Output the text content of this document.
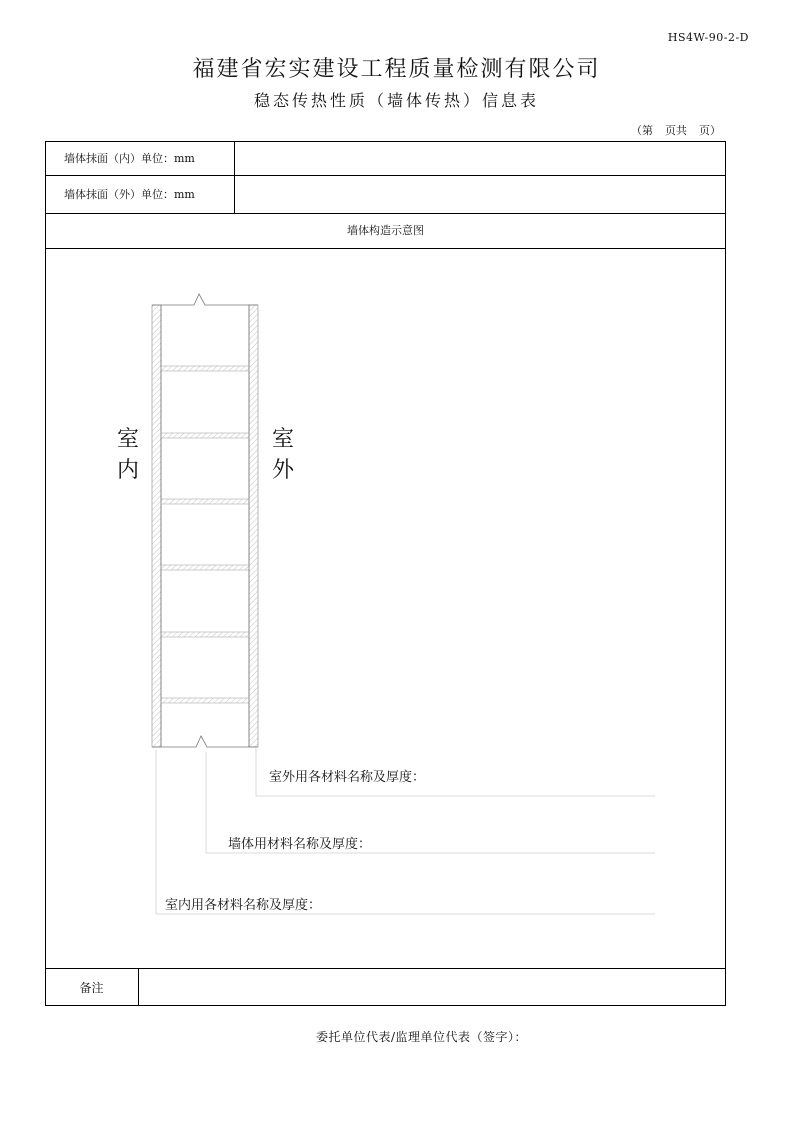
HS4W-90-2-D
福建省宏实建设工程质量检测有限公司
稳态传热性质（墙体传热）信息表
（第 页共 页）
墙体抹面（内）单位：mm
墙体抹面（外）单位：mm
墙体构造示意图
室
内
室
外
室外用各材料名称及厚度：
墙体用材料名称及厚度：
室内用各材料名称及厚度：
备注
委托单位代表/监理单位代表（签字）：
